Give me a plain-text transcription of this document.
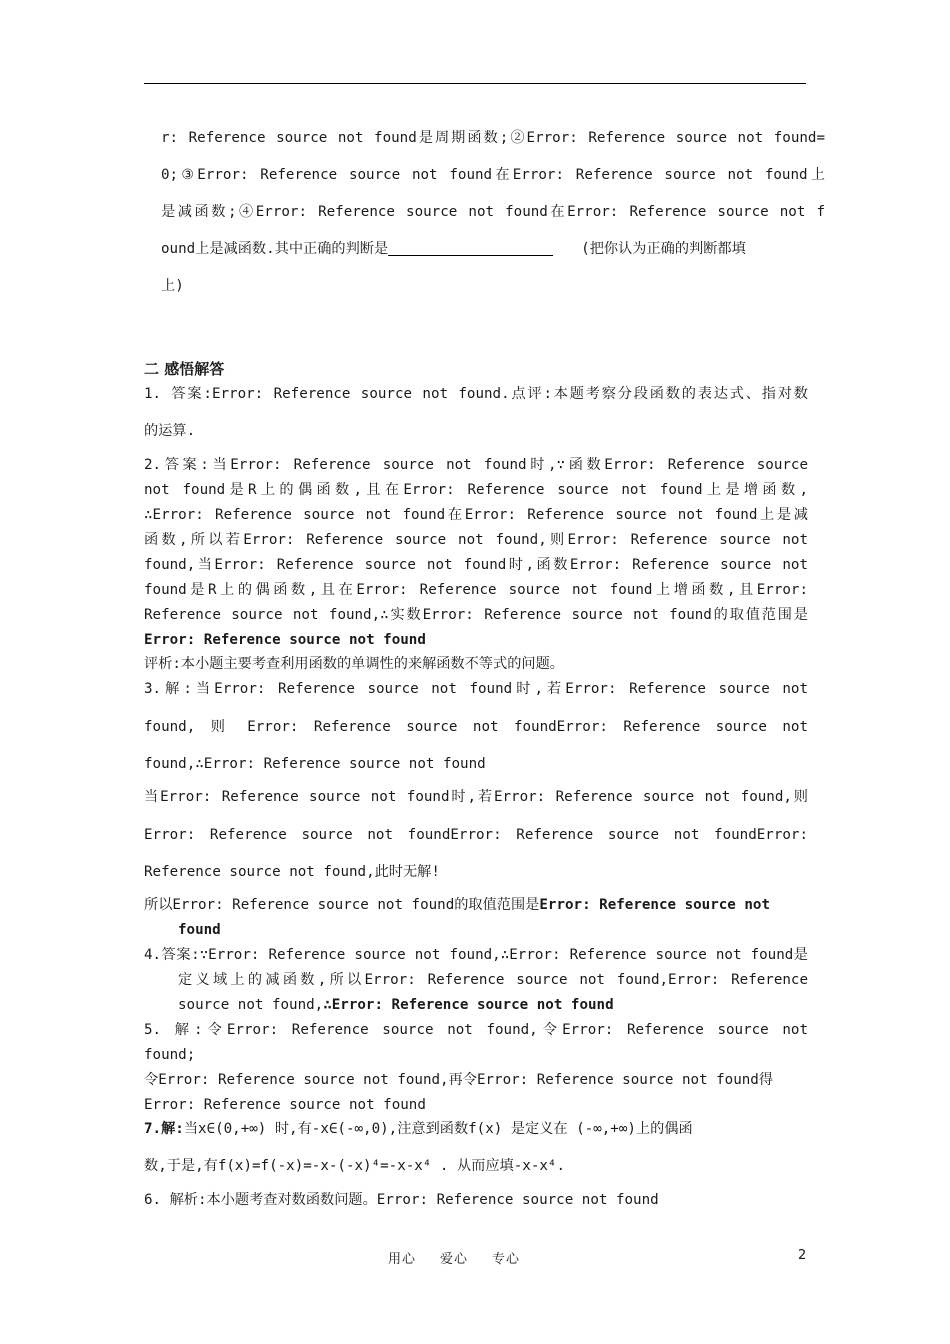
r: Reference source not found是周期函数;②Error: Reference source not found=
0;③Error: Reference source not found在Error: Reference source not found上
是减函数;④Error: Reference source not found在Error: Reference source not f
ound上是减函数.其中正确的判断是	(把你认为正确的判断都填
上)
二 感悟解答
1. 答案:Error: Reference source not found.点评:本题考察分段函数的表达式、指对数
的运算.
2.答案:当Error: Reference source not found时,∵函数Error: Reference source
not found是R上的偶函数,且在Error: Reference source not found上是增函数,
∴Error: Reference source not found在Error: Reference source not found上是减
函数,所以若Error: Reference source not found,则Error: Reference source not
found,当Error: Reference source not found时,函数Error: Reference source not
found是R上的偶函数,且在Error: Reference source not found上增函数,且Error:
Reference source not found,∴实数Error: Reference source not found的取值范围是
Error: Reference source not found
评析:本小题主要考查利用函数的单调性的来解函数不等式的问题。
3.解:当Error: Reference source not found时,若Error: Reference source not
found, 则 Error: Reference source not foundError: Reference source not
found,∴Error: Reference source not found
当Error: Reference source not found时,若Error: Reference source not found,则
Error: Reference source not foundError: Reference source not foundError:
Reference source not found,此时无解!
所以Error: Reference source not found的取值范围是Error: Reference source not
found
4.答案:∵Error: Reference source not found,∴Error: Reference source not found是
定义域上的减函数,所以Error: Reference source not found,Error: Reference
source not found,∴Error: Reference source not found
5. 解:令Error: Reference source not found,令Error: Reference source not
found;
令Error: Reference source not found,再令Error: Reference source not found得
Error: Reference source not found
7.解:当x∈(0,+∞) 时,有-x∈(-∞,0),注意到函数f(x) 是定义在 (-∞,+∞)上的偶函
数,于是,有f(x)=f(-x)=-x-(-x)⁴=-x-x⁴ . 从而应填-x-x⁴.
6. 解析:本小题考查对数函数问题。Error: Reference source not found
用心 爱心 专心	2
